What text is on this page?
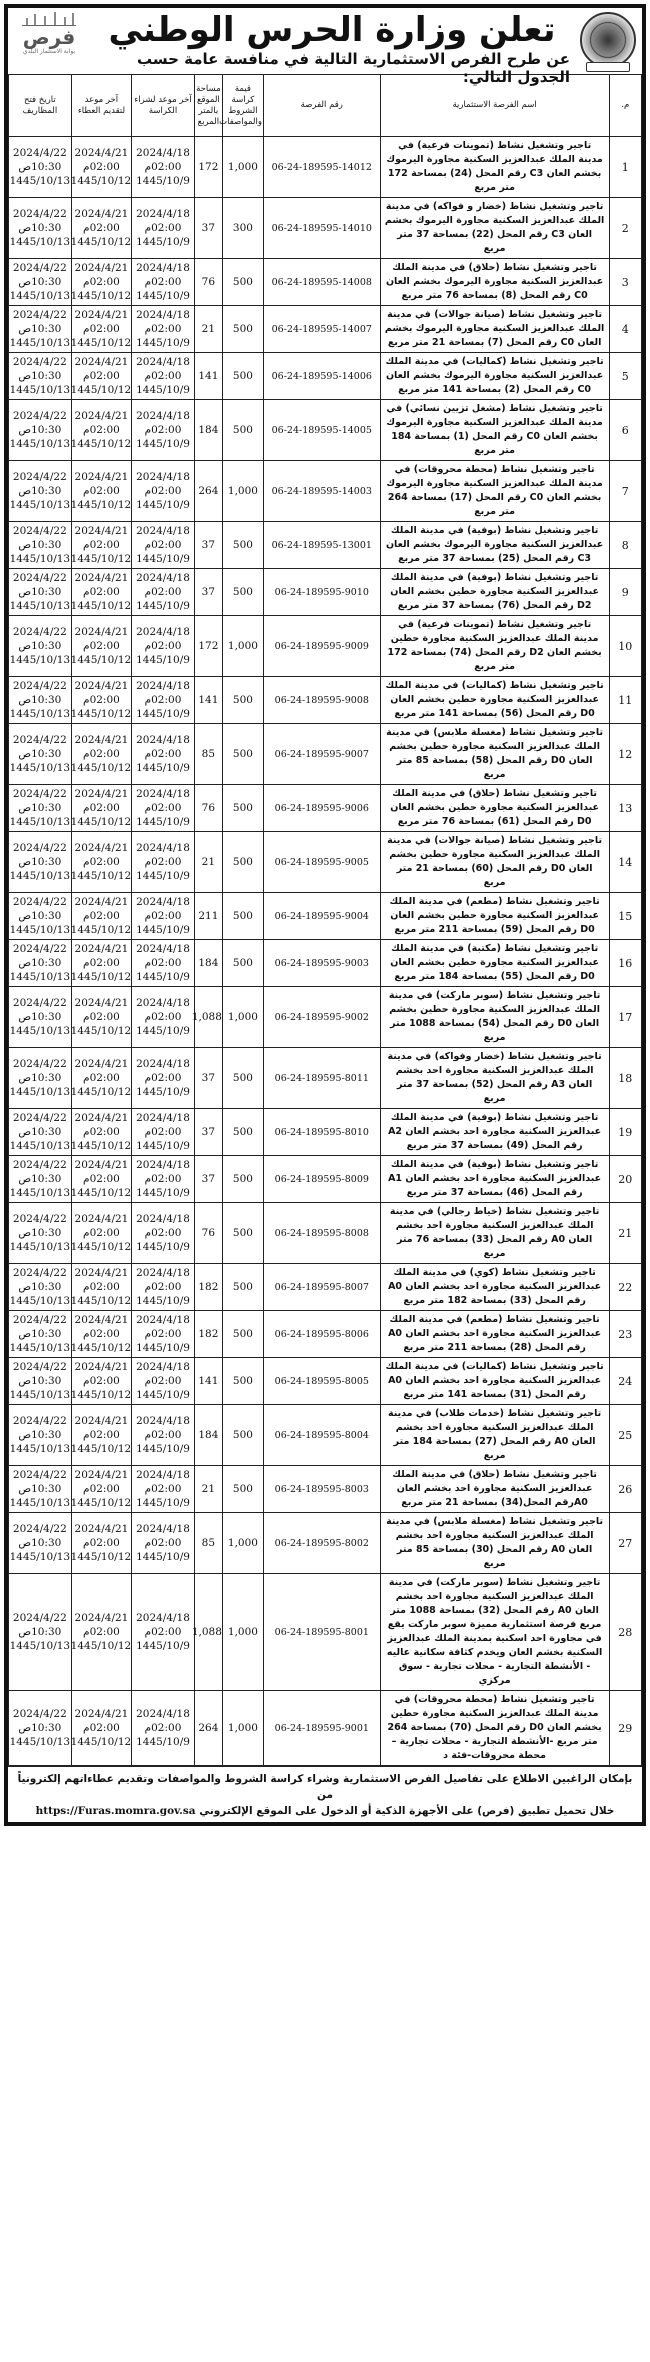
تعلن وزارة الحرس الوطني
عن طرح الفرص الاستثمارية التالية في منافسة عامة حسب الجدول التالي:
فرص
بوابة الاستثمار البلدي
م.	اسم الفرصة الاستثمارية	رقم الفرصة	قيمة كراسة الشروط والمواصفات	مساحة الموقع بالمتر المربع	آخر موعد لشراء الكراسة	آخر موعد لتقديم العطاء	تاريخ فتح المظاريف
1	تاجير وتشغيل نشاط (تموينات فرعية) في مدينة الملك عبدالعزيز السكنية مجاورة اليرموك بخشم العان C3 رقم المحل (24) بمساحة 172 متر مربع	06-24-189595-14012	1,000	172	2024/4/18
02:00م
1445/10/9	2024/4/21
02:00م
1445/10/12	2024/4/22
10:30ص
1445/10/13

2	تاجير وتشغيل نشاط (خضار و فواكه) في مدينة الملك عبدالعزيز السكنية مجاورة اليرموك بخشم العان C3 رقم المحل (22) بمساحة 37 متر مربع	06-24-189595-14010	300	37	2024/4/18
02:00م
1445/10/9	2024/4/21
02:00م
1445/10/12	2024/4/22
10:30ص
1445/10/13

3	تاجير وتشغيل نشاط (حلاق) في مدينة الملك عبدالعزيز السكنية مجاورة اليرموك بخشم العان C0 رقم المحل (8) بمساحة 76 متر مربع	06-24-189595-14008	500	76	2024/4/18
02:00م
1445/10/9	2024/4/21
02:00م
1445/10/12	2024/4/22
10:30ص
1445/10/13

4	تاجير وتشغيل نشاط (صيانة جوالات) في مدينة الملك عبدالعزيز السكنية مجاورة اليرموك بخشم العان C0 رقم المحل (7) بمساحة 21 متر مربع	06-24-189595-14007	500	21	2024/4/18
02:00م
1445/10/9	2024/4/21
02:00م
1445/10/12	2024/4/22
10:30ص
1445/10/13

5	تاجير وتشغيل نشاط (كماليات) في مدينة الملك عبدالعزيز السكنية مجاورة اليرموك بخشم العان C0 رقم المحل (2) بمساحة 141 متر مربع	06-24-189595-14006	500	141	2024/4/18
02:00م
1445/10/9	2024/4/21
02:00م
1445/10/12	2024/4/22
10:30ص
1445/10/13

6	تاجير وتشغيل نشاط (مشغل تزيين نسائي) في مدينة الملك عبدالعزيز السكنية مجاورة اليرموك بخشم العان C0 رقم المحل (1) بمساحة 184 متر مربع	06-24-189595-14005	500	184	2024/4/18
02:00م
1445/10/9	2024/4/21
02:00م
1445/10/12	2024/4/22
10:30ص
1445/10/13

7	تاجير وتشغيل نشاط (محطة محروقات) في مدينة الملك عبدالعزيز السكنية مجاورة اليرموك بخشم العان C0 رقم المحل (17) بمساحة 264 متر مربع	06-24-189595-14003	1,000	264	2024/4/18
02:00م
1445/10/9	2024/4/21
02:00م
1445/10/12	2024/4/22
10:30ص
1445/10/13

8	تاجير وتشغيل نشاط (بوفية) في مدينة الملك عبدالعزيز السكنية مجاورة اليرموك بخشم العان C3 رقم المحل (25) بمساحة 37 متر مربع	06-24-189595-13001	500	37	2024/4/18
02:00م
1445/10/9	2024/4/21
02:00م
1445/10/12	2024/4/22
10:30ص
1445/10/13

9	تاجير وتشغيل نشاط (بوفية) في مدينة الملك عبدالعزيز السكنية مجاورة حطين بخشم العان D2 رقم المحل (76) بمساحة 37 متر مربع	06-24-189595-9010	500	37	2024/4/18
02:00م
1445/10/9	2024/4/21
02:00م
1445/10/12	2024/4/22
10:30ص
1445/10/13

10	تاجير وتشغيل نشاط (تموينات فرعية) في مدينة الملك عبدالعزيز السكنية مجاورة حطين بخشم العان D2 رقم المحل (74) بمساحة 172 متر مربع	06-24-189595-9009	1,000	172	2024/4/18
02:00م
1445/10/9	2024/4/21
02:00م
1445/10/12	2024/4/22
10:30ص
1445/10/13

11	تاجير وتشغيل نشاط (كماليات) في مدينة الملك عبدالعزيز السكنية مجاورة حطين بخشم العان D0 رقم المحل (56) بمساحة 141 متر مربع	06-24-189595-9008	500	141	2024/4/18
02:00م
1445/10/9	2024/4/21
02:00م
1445/10/12	2024/4/22
10:30ص
1445/10/13

12	تاجير وتشغيل نشاط (مغسلة ملابس) في مدينة الملك عبدالعزيز السكنية مجاورة حطين بخشم العان D0 رقم المحل (58) بمساحة 85 متر مربع	06-24-189595-9007	500	85	2024/4/18
02:00م
1445/10/9	2024/4/21
02:00م
1445/10/12	2024/4/22
10:30ص
1445/10/13

13	تاجير وتشغيل نشاط (حلاق) في مدينة الملك عبدالعزيز السكنية مجاورة حطين بخشم العان D0 رقم المحل (61) بمساحة 76 متر مربع	06-24-189595-9006	500	76	2024/4/18
02:00م
1445/10/9	2024/4/21
02:00م
1445/10/12	2024/4/22
10:30ص
1445/10/13

14	تاجير وتشغيل نشاط (صيانة جوالات) في مدينة الملك عبدالعزيز السكنية مجاورة حطين بخشم العان D0 رقم المحل (60) بمساحة 21 متر مربع	06-24-189595-9005	500	21	2024/4/18
02:00م
1445/10/9	2024/4/21
02:00م
1445/10/12	2024/4/22
10:30ص
1445/10/13

15	تاجير وتشغيل نشاط (مطعم) في مدينة الملك عبدالعزيز السكنية مجاورة حطين بخشم العان D0 رقم المحل (59) بمساحة 211 متر مربع	06-24-189595-9004	500	211	2024/4/18
02:00م
1445/10/9	2024/4/21
02:00م
1445/10/12	2024/4/22
10:30ص
1445/10/13

16	تاجير وتشغيل نشاط (مكتبة) في مدينة الملك عبدالعزيز السكنية مجاورة حطين بخشم العان D0 رقم المحل (55) بمساحة 184 متر مربع	06-24-189595-9003	500	184	2024/4/18
02:00م
1445/10/9	2024/4/21
02:00م
1445/10/12	2024/4/22
10:30ص
1445/10/13

17	تاجير وتشغيل نشاط (سوبر ماركت) في مدينة الملك عبدالعزيز السكنية مجاورة حطين بخشم العان D0 رقم المحل (54) بمساحة 1088 متر مربع	06-24-189595-9002	1,000	1,088	2024/4/18
02:00م
1445/10/9	2024/4/21
02:00م
1445/10/12	2024/4/22
10:30ص
1445/10/13

18	تاجير وتشغيل نشاط (خضار وفواكه) في مدينة الملك عبدالعزيز السكنية مجاورة احد بخشم العان A3 رقم المحل (52) بمساحة 37 متر مربع	06-24-189595-8011	500	37	2024/4/18
02:00م
1445/10/9	2024/4/21
02:00م
1445/10/12	2024/4/22
10:30ص
1445/10/13

19	تاجير وتشغيل نشاط (بوفية) في مدينة الملك عبدالعزيز السكنية مجاورة احد بخشم العان A2 رقم المحل (49) بمساحة 37 متر مربع	06-24-189595-8010	500	37	2024/4/18
02:00م
1445/10/9	2024/4/21
02:00م
1445/10/12	2024/4/22
10:30ص
1445/10/13

20	تاجير وتشغيل نشاط (بوفية) في مدينة الملك عبدالعزيز السكنية مجاورة احد بخشم العان A1 رقم المحل (46) بمساحة 37 متر مربع	06-24-189595-8009	500	37	2024/4/18
02:00م
1445/10/9	2024/4/21
02:00م
1445/10/12	2024/4/22
10:30ص
1445/10/13

21	تاجير وتشغيل نشاط (خياط رجالي) في مدينة الملك عبدالعزيز السكنية مجاورة احد بخشم العان A0 رقم المحل (33) بمساحة 76 متر مربع	06-24-189595-8008	500	76	2024/4/18
02:00م
1445/10/9	2024/4/21
02:00م
1445/10/12	2024/4/22
10:30ص
1445/10/13

22	تاجير وتشغيل نشاط (كوي) في مدينة الملك عبدالعزيز السكنية مجاورة احد بخشم العان A0 رقم المحل (33) بمساحة 182 متر مربع	06-24-189595-8007	500	182	2024/4/18
02:00م
1445/10/9	2024/4/21
02:00م
1445/10/12	2024/4/22
10:30ص
1445/10/13

23	تاجير وتشغيل نشاط (مطعم) في مدينة الملك عبدالعزيز السكنية مجاورة احد بخشم العان A0 رقم المحل (28) بمساحة 211 متر مربع	06-24-189595-8006	500	182	2024/4/18
02:00م
1445/10/9	2024/4/21
02:00م
1445/10/12	2024/4/22
10:30ص
1445/10/13

24	تاجير وتشغيل نشاط (كماليات) في مدينة الملك عبدالعزيز السكنية مجاورة احد بخشم العان A0 رقم المحل (31) بمساحة 141 متر مربع	06-24-189595-8005	500	141	2024/4/18
02:00م
1445/10/9	2024/4/21
02:00م
1445/10/12	2024/4/22
10:30ص
1445/10/13

25	تاجير وتشغيل نشاط (خدمات طلاب) في مدينة الملك عبدالعزيز السكنية مجاورة احد بخشم العان A0 رقم المحل (27) بمساحة 184 متر مربع	06-24-189595-8004	500	184	2024/4/18
02:00م
1445/10/9	2024/4/21
02:00م
1445/10/12	2024/4/22
10:30ص
1445/10/13

26	تاجير وتشغيل نشاط (حلاق) في مدينة الملك عبدالعزيز السكنية مجاورة احد بخشم العان A0رقم المحل(34) بمساحة 21 متر مربع	06-24-189595-8003	500	21	2024/4/18
02:00م
1445/10/9	2024/4/21
02:00م
1445/10/12	2024/4/22
10:30ص
1445/10/13

27	تاجير وتشغيل نشاط (مغسلة ملابس) في مدينة الملك عبدالعزيز السكنية مجاورة احد بخشم العان A0 رقم المحل (30) بمساحة 85 متر مربع	06-24-189595-8002	1,000	85	2024/4/18
02:00م
1445/10/9	2024/4/21
02:00م
1445/10/12	2024/4/22
10:30ص
1445/10/13

28	تاجير وتشغيل نشاط (سوبر ماركت) في مدينة الملك عبدالعزيز السكنية مجاورة احد بخشم العان A0 رقم المحل (32) بمساحة 1088 متر مربع فرصة استثمارية مميزة سوبر ماركت يقع في مجاورة احد اسكنية بمدينة الملك عبدالعزيز السكنية بخشم العان ويخدم كثافة سكانية عاليه - الأنشطة التجارية - محلات تجارية - سوق مركزي	06-24-189595-8001	1,000	1,088	
2024/4/18
02:00م
1445/10/9

2024/4/21
02:00م
1445/10/12

2024/4/22
10:30ص
1445/10/13

29	تاجير وتشغيل نشاط (محطة محروقات) في مدينة الملك عبدالعزيز السكنية مجاورة حطين بخشم العان D0 رقم المحل (70) بمساحة 264 متر مربع -الأنشطة التجارية - محلات تجارية – محطة محروقات-فئة د	06-24-189595-9001	1,000	264	2024/4/18
02:00م
1445/10/9	2024/4/21
02:00م
1445/10/12	2024/4/22
10:30ص
1445/10/13
بإمكان الراغبين الاطلاع على تفاصيل الفرص الاستثمارية وشراء كراسة الشروط والمواصفات وتقديم عطاءاتهم إلكترونياً من
خلال تحميل تطبيق (فرص) على الأجهزة الذكية أو الدخول على الموقع الإلكتروني https://Furas.momra.gov.sa
